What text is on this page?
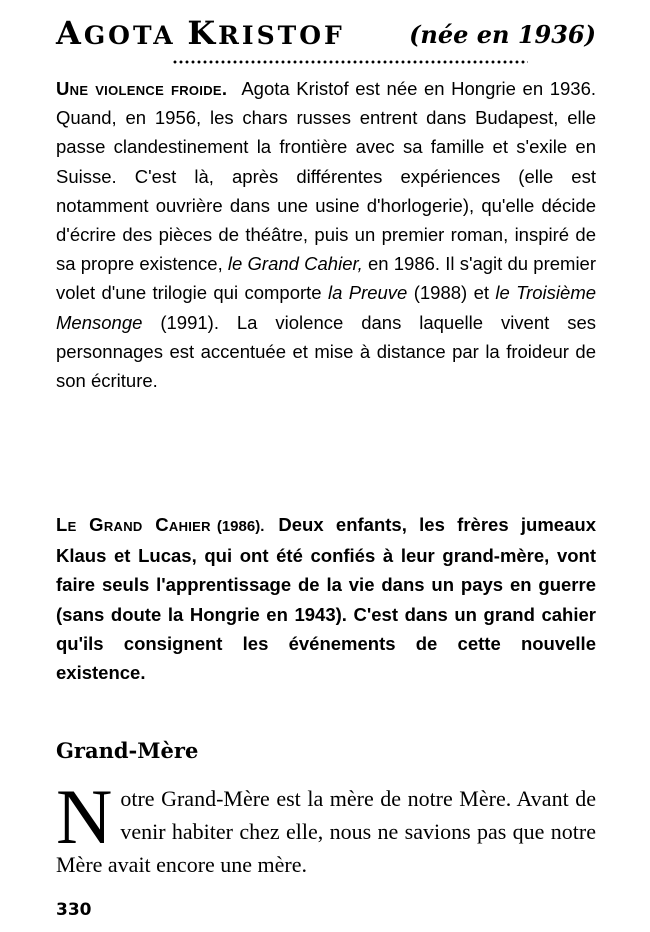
AGOTA KRISTOF	(née en 1936)
Une violence froide. Agota Kristof est née en Hongrie en 1936. Quand, en 1956, les chars russes entrent dans Budapest, elle passe clandestinement la frontière avec sa famille et s'exile en Suisse. C'est là, après différentes expériences (elle est notamment ouvrière dans une usine d'horlogerie), qu'elle décide d'écrire des pièces de théâtre, puis un premier roman, inspiré de sa propre existence, le Grand Cahier, en 1986. Il s'agit du premier volet d'une trilogie qui comporte la Preuve (1988) et le Troisième Mensonge (1991). La violence dans laquelle vivent ses personnages est accentuée et mise à distance par la froideur de son écriture.
Le Grand Cahier (1986). Deux enfants, les frères jumeaux Klaus et Lucas, qui ont été confiés à leur grand-mère, vont faire seuls l'apprentissage de la vie dans un pays en guerre (sans doute la Hongrie en 1943). C'est dans un grand cahier qu'ils consignent les événements de cette nouvelle existence.
Grand-Mère
Notre Grand-Mère est la mère de notre Mère. Avant de venir habiter chez elle, nous ne savions pas que notre Mère avait encore une mère.
330
